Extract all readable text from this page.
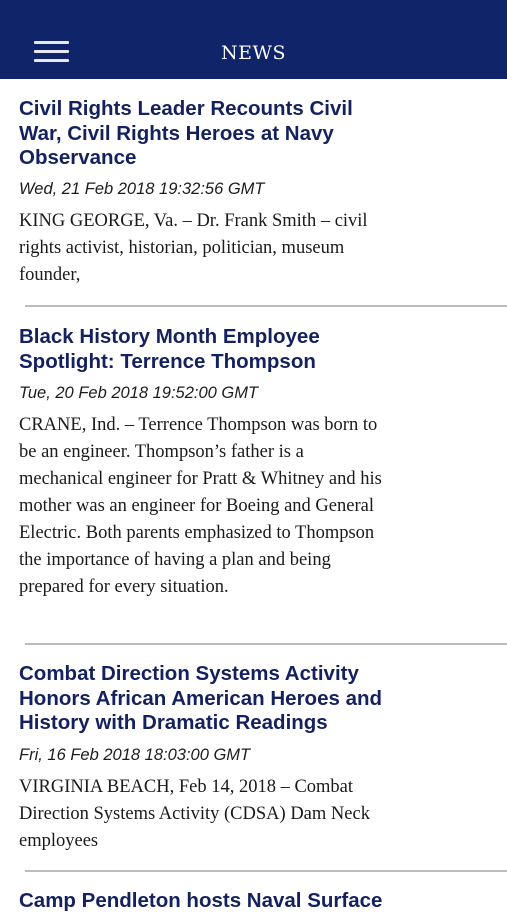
NEWS
Civil Rights Leader Recounts Civil War, Civil Rights Heroes at Navy Observance
Wed, 21 Feb 2018 19:32:56 GMT
KING GEORGE, Va. – Dr. Frank Smith – civil rights activist, historian, politician, museum founder,
Black History Month Employee Spotlight: Terrence Thompson
Tue, 20 Feb 2018 19:52:00 GMT
CRANE, Ind. – Terrence Thompson was born to be an engineer. Thompson’s father is a mechanical engineer for Pratt & Whitney and his mother was an engineer for Boeing and General Electric. Both parents emphasized to Thompson the importance of having a plan and being prepared for every situation.
Combat Direction Systems Activity Honors African American Heroes and History with Dramatic Readings
Fri, 16 Feb 2018 18:03:00 GMT
VIRGINIA BEACH, Feb 14, 2018 – Combat Direction Systems Activity (CDSA) Dam Neck employees
Camp Pendleton hosts Naval Surface
